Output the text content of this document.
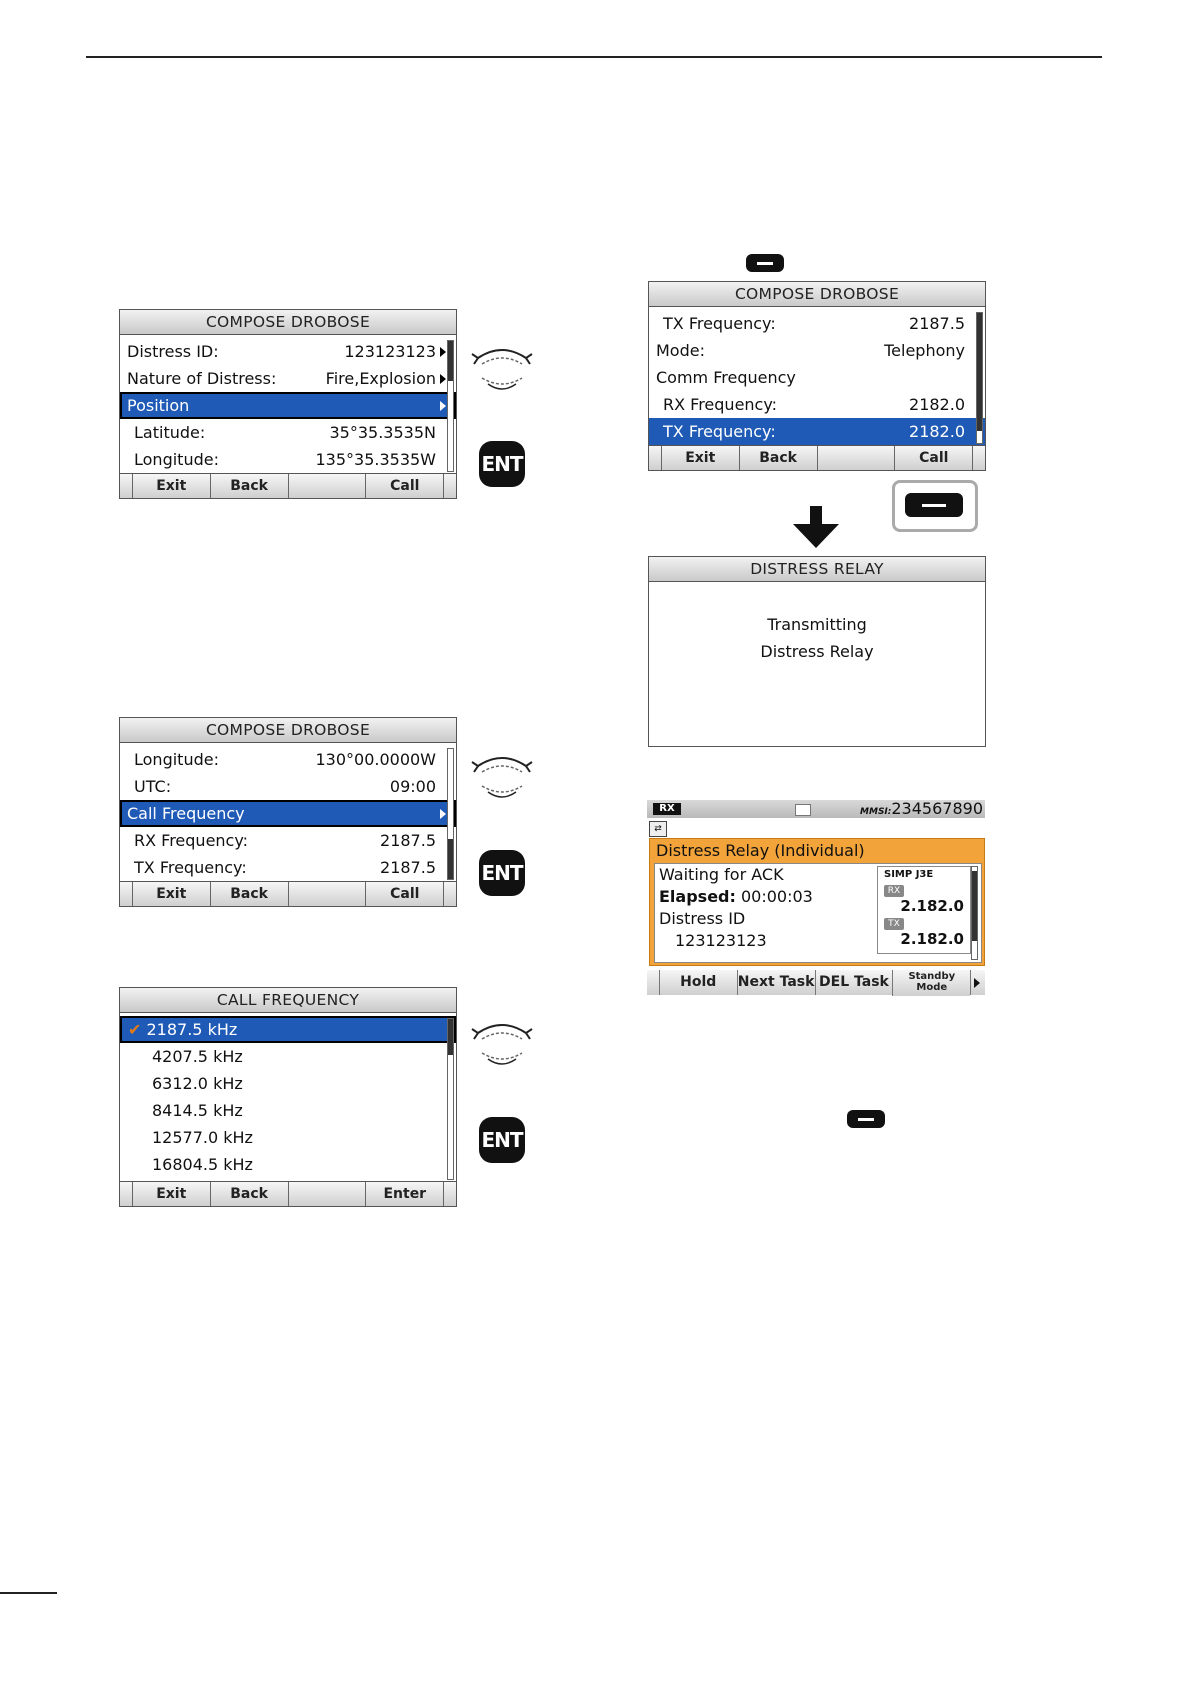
COMPOSE DROBOSE
Distress ID:	123123123
Nature of Distress:	Fire,Explosion
Position
Latitude:	35°35.3535N
Longitude:	135°35.3535W
Exit	Back	Call
ENT
COMPOSE DROBOSE
Longitude:	130°00.0000W
UTC:	09:00
Call Frequency
RX Frequency:	2187.5
TX Frequency:	2187.5
Exit	Back	Call
ENT
CALL FREQUENCY
✔ 2187.5 kHz
4207.5 kHz
6312.0 kHz
8414.5 kHz
12577.0 kHz
16804.5 kHz
Exit	Back	Enter
ENT
COMPOSE DROBOSE
TX Frequency:	2187.5
Mode:	Telephony
Comm Frequency
RX Frequency:	2182.0
TX Frequency:	2182.0
Exit	Back	Call
DISTRESS RELAY
Transmitting
Distress Relay
RX	MMSI:234567890
⇄
Distress Relay (Individual)
Waiting for ACK
Elapsed: 00:00:03
Distress ID
123123123
SIMP J3E
RX
2.182.0
TX
2.182.0
Hold	Next Task DEL Task	Standby
Mode
